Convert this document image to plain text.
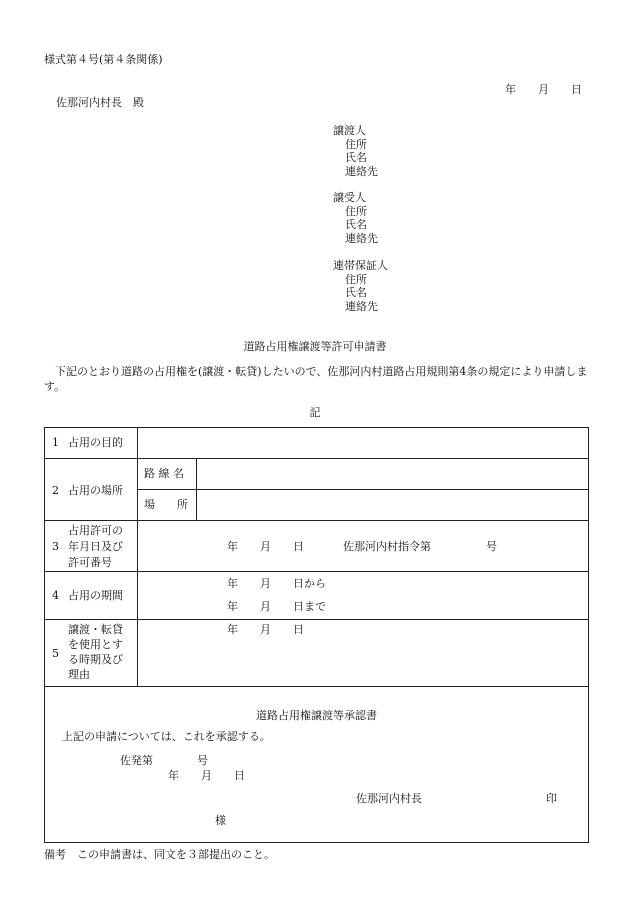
様式第４号(第４条関係)
年　　月　　日
佐那河内村長　殿
譲渡人
住所
氏名
連絡先
譲受人
住所
氏名
連絡先
連帯保証人
住所
氏名
連絡先
道路占用権譲渡等許可申請書
下記のとおり道路の占用権を(譲渡・転貸)したいので、佐那河内村道路占用規則第4条の規定により申請します。
記
1 占用の目的
2 占用の場所
路 線 名
場　　所
3
占用許可の
年月日及び
許可番号
年　　月　　日	佐那河内村指令第　　　　　号
4 占用の期間
年　　月　　日から
年　　月　　日まで
5
譲渡・転貸
を使用とす
る時期及び
理由
年　　月　　日
道路占用権譲渡等承認書
上記の申請については、これを承認する。
佐発第　　　　号
年　　月　　日
佐那河内村長	印
様
備考　この申請書は、同文を３部提出のこと。
